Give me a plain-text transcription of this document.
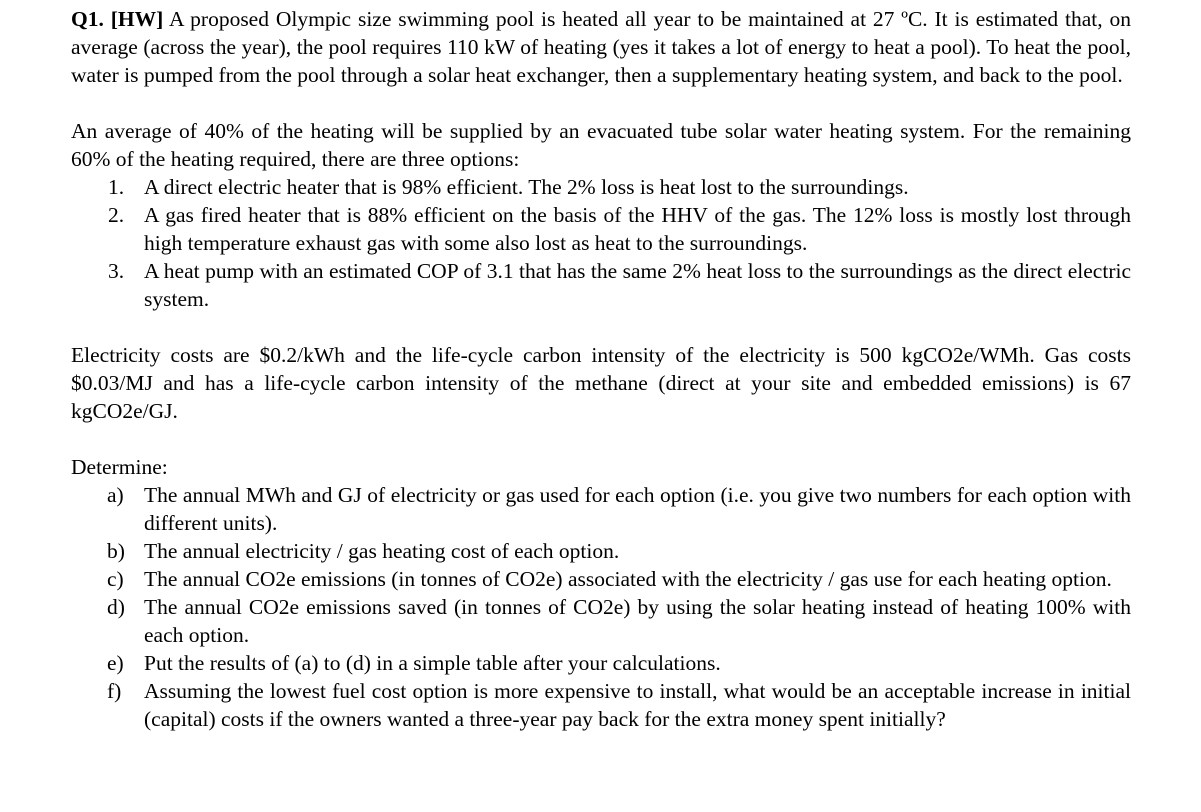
Q1. [HW] A proposed Olympic size swimming pool is heated all year to be maintained at 27 ºC. It is estimated that, on average (across the year), the pool requires 110 kW of heating (yes it takes a lot of energy to heat a pool). To heat the pool, water is pumped from the pool through a solar heat exchanger, then a supplementary heating system, and back to the pool.

An average of 40% of the heating will be supplied by an evacuated tube solar water heating system. For the remaining 60% of the heating required, there are three options:

1. A direct electric heater that is 98% efficient. The 2% loss is heat lost to the surroundings.
2. A gas fired heater that is 88% efficient on the basis of the HHV of the gas. The 12% loss is mostly lost through high temperature exhaust gas with some also lost as heat to the surroundings.
3. A heat pump with an estimated COP of 3.1 that has the same 2% heat loss to the surroundings as the direct electric system.

Electricity costs are $0.2/kWh and the life-cycle carbon intensity of the electricity is 500 kgCO2e/WMh. Gas costs $0.03/MJ and has a life-cycle carbon intensity of the methane (direct at your site and embedded emissions) is 67 kgCO2e/GJ.

Determine:

a) The annual MWh and GJ of electricity or gas used for each option (i.e. you give two numbers for each option with different units).
b) The annual electricity / gas heating cost of each option.
c) The annual CO2e emissions (in tonnes of CO2e) associated with the electricity / gas use for each heating option.
d) The annual CO2e emissions saved (in tonnes of CO2e) by using the solar heating instead of heating 100% with each option.
e) Put the results of (a) to (d) in a simple table after your calculations.
f) Assuming the lowest fuel cost option is more expensive to install, what would be an acceptable increase in initial (capital) costs if the owners wanted a three-year pay back for the extra money spent initially?
